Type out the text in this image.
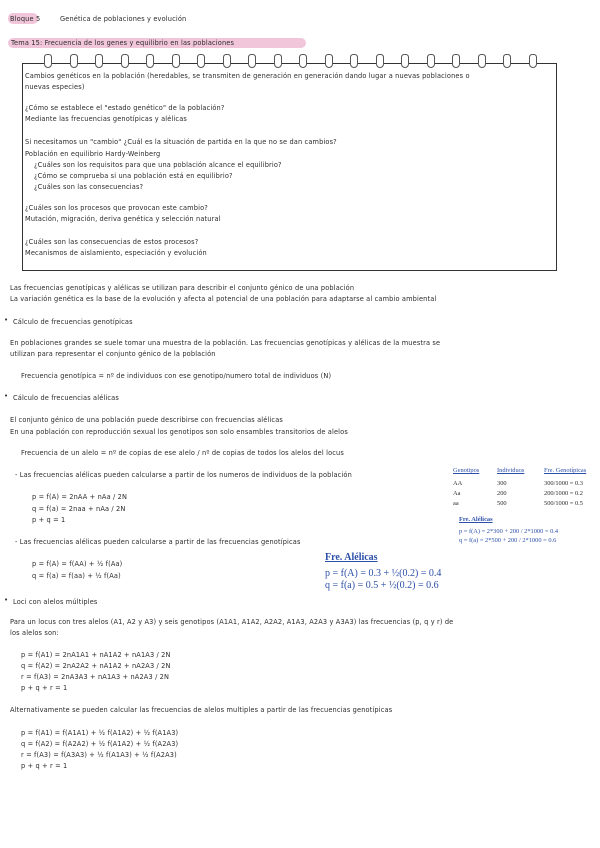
Bloque 5	Genética de poblaciones y evolución
Tema 15: Frecuencia de los genes y equilibrio en las poblaciones
Cambios genéticos en la población (heredables, se transmiten de generación en generación dando lugar a nuevas poblaciones o
nuevas especies)
¿Cómo se establece el "estado genético" de la población?
Mediante las frecuencias genotípicas y alélicas
Si necesitamos un "cambio" ¿Cuál es la situación de partida en la que no se dan cambios?
Población en equilibrio Hardy-Weinberg
¿Cuáles son los requisitos para que una población alcance el equilibrio?
¿Cómo se comprueba si una población está en equilibrio?
¿Cuáles son las consecuencias?
¿Cuáles son los procesos que provocan este cambio?
Mutación, migración, deriva genética y selección natural
¿Cuáles son las consecuencias de estos procesos?
Mecanismos de aislamiento, especiación y evolución
Las frecuencias genotípicas y alélicas se utilizan para describir el conjunto génico de una población
La variación genética es la base de la evolución y afecta al potencial de una población para adaptarse al cambio ambiental
• Cálculo de frecuencias genotípicas
En poblaciones grandes se suele tomar una muestra de la población. Las frecuencias genotípicas y alélicas de la muestra se
utilizan para representar el conjunto génico de la población
Frecuencia genotípica = nº de individuos con ese genotipo/numero total de individuos (N)
• Cálculo de frecuencias alélicas
El conjunto génico de una población puede describirse con frecuencias alélicas
En una población con reproducción sexual los genotipos son solo ensambles transitorios de alelos
Frecuencia de un alelo = nº de copias de ese alelo / nº de copias de todos los alelos del locus
- Las frecuencias alélicas pueden calcularse a partir de los numeros de individuos de la población
p = f(A) = 2nAA + nAa / 2N
q = f(a) = 2naa + nAa / 2N
p + q = 1
- Las frecuencias alélicas pueden calcularse a partir de las frecuencias genotípicas
p = f(A) = f(AA) + ½ f(Aa)
q = f(a) = f(aa) + ½ f(Aa)
Genotipos	Individuos	Fre. Genotípicas
AA	300	300/1000 = 0.3
Aa	200	200/1000 = 0.2
aa	500	500/1000 = 0.5
Fre. Alélicas
p = f(A) = 2*300 + 200 / 2*1000 = 0.4
q = f(a) = 2*500 + 200 / 2*1000 = 0.6
Fre. Alélicas
p = f(A) = 0.3 + ½(0.2) = 0.4
q = f(a) = 0.5 + ½(0.2) = 0.6
• Loci con alelos múltiples
Para un locus con tres alelos (A1, A2 y A3) y seis genotipos (A1A1, A1A2, A2A2, A1A3, A2A3 y A3A3) las frecuencias (p, q y r) de
los alelos son:
p = f(A1) = 2nA1A1 + nA1A2 + nA1A3 / 2N
q = f(A2) = 2nA2A2 + nA1A2 + nA2A3 / 2N
r = f(A3) = 2nA3A3 + nA1A3 + nA2A3 / 2N
p + q + r = 1
Alternativamente se pueden calcular las frecuencias de alelos multiples a partir de las frecuencias genotípicas
p = f(A1) = f(A1A1) + ½ f(A1A2) + ½ f(A1A3)
q = f(A2) = f(A2A2) + ½ f(A1A2) + ½ f(A2A3)
r = f(A3) = f(A3A3) + ½ f(A1A3) + ½ f(A2A3)
p + q + r = 1
